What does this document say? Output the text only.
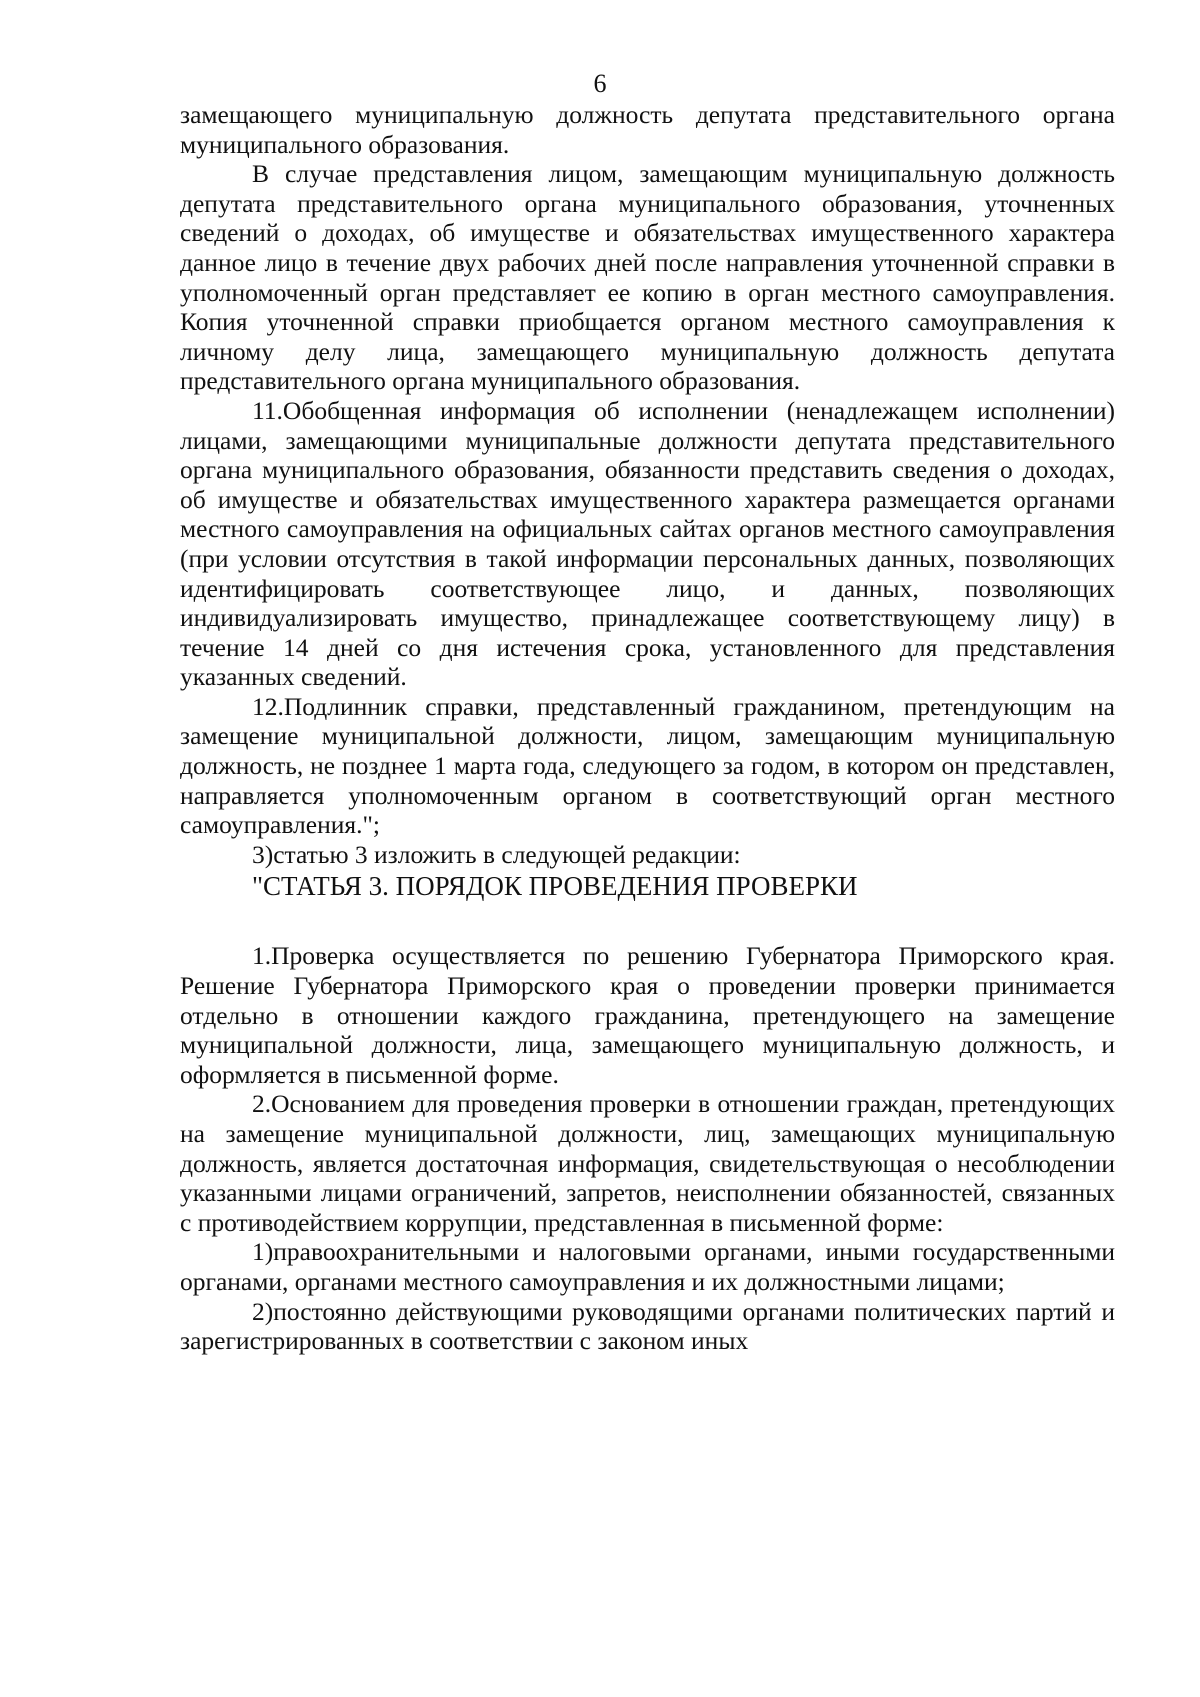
6

замещающего муниципальную должность депутата представительного органа муниципального образования.

В случае представления лицом, замещающим муниципальную должность депутата представительного органа муниципального образования, уточненных сведений о доходах, об имуществе и обязательствах имущественного характера данное лицо в течение двух рабочих дней после направления уточненной справки в уполномоченный орган представляет ее копию в орган местного самоуправления. Копия уточненной справки приобщается органом местного самоуправления к личному делу лица, замещающего муниципальную должность депутата представительного органа муниципального образования.

11.Обобщенная информация об исполнении (ненадлежащем исполнении) лицами, замещающими муниципальные должности депутата представительного органа муниципального образования, обязанности представить сведения о доходах, об имуществе и обязательствах имущественного характера размещается органами местного самоуправления на официальных сайтах органов местного самоуправления (при условии отсутствия в такой информации персональных данных, позволяющих идентифицировать соответствующее лицо, и данных, позволяющих индивидуализировать имущество, принадлежащее соответствующему лицу) в течение 14 дней со дня истечения срока, установленного для представления указанных сведений.

12.Подлинник справки, представленный гражданином, претендующим на замещение муниципальной должности, лицом, замещающим муниципальную должность, не позднее 1 марта года, следующего за годом, в котором он представлен, направляется уполномоченным органом в соответствующий орган местного самоуправления.";

3)статью 3 изложить в следующей редакции:

"СТАТЬЯ 3. ПОРЯДОК ПРОВЕДЕНИЯ ПРОВЕРКИ

1.Проверка осуществляется по решению Губернатора Приморского края. Решение Губернатора Приморского края о проведении проверки принимается отдельно в отношении каждого гражданина, претендующего на замещение муниципальной должности, лица, замещающего муниципальную должность, и оформляется в письменной форме.

2.Основанием для проведения проверки в отношении граждан, претендующих на замещение муниципальной должности, лиц, замещающих муниципальную должность, является достаточная информация, свидетельствующая о несоблюдении указанными лицами ограничений, запретов, неисполнении обязанностей, связанных с противодействием коррупции, представленная в письменной форме:

1)правоохранительными и налоговыми органами, иными государственными органами, органами местного самоуправления и их должностными лицами;

2)постоянно действующими руководящими органами политических партий и зарегистрированных в соответствии с законом иных
